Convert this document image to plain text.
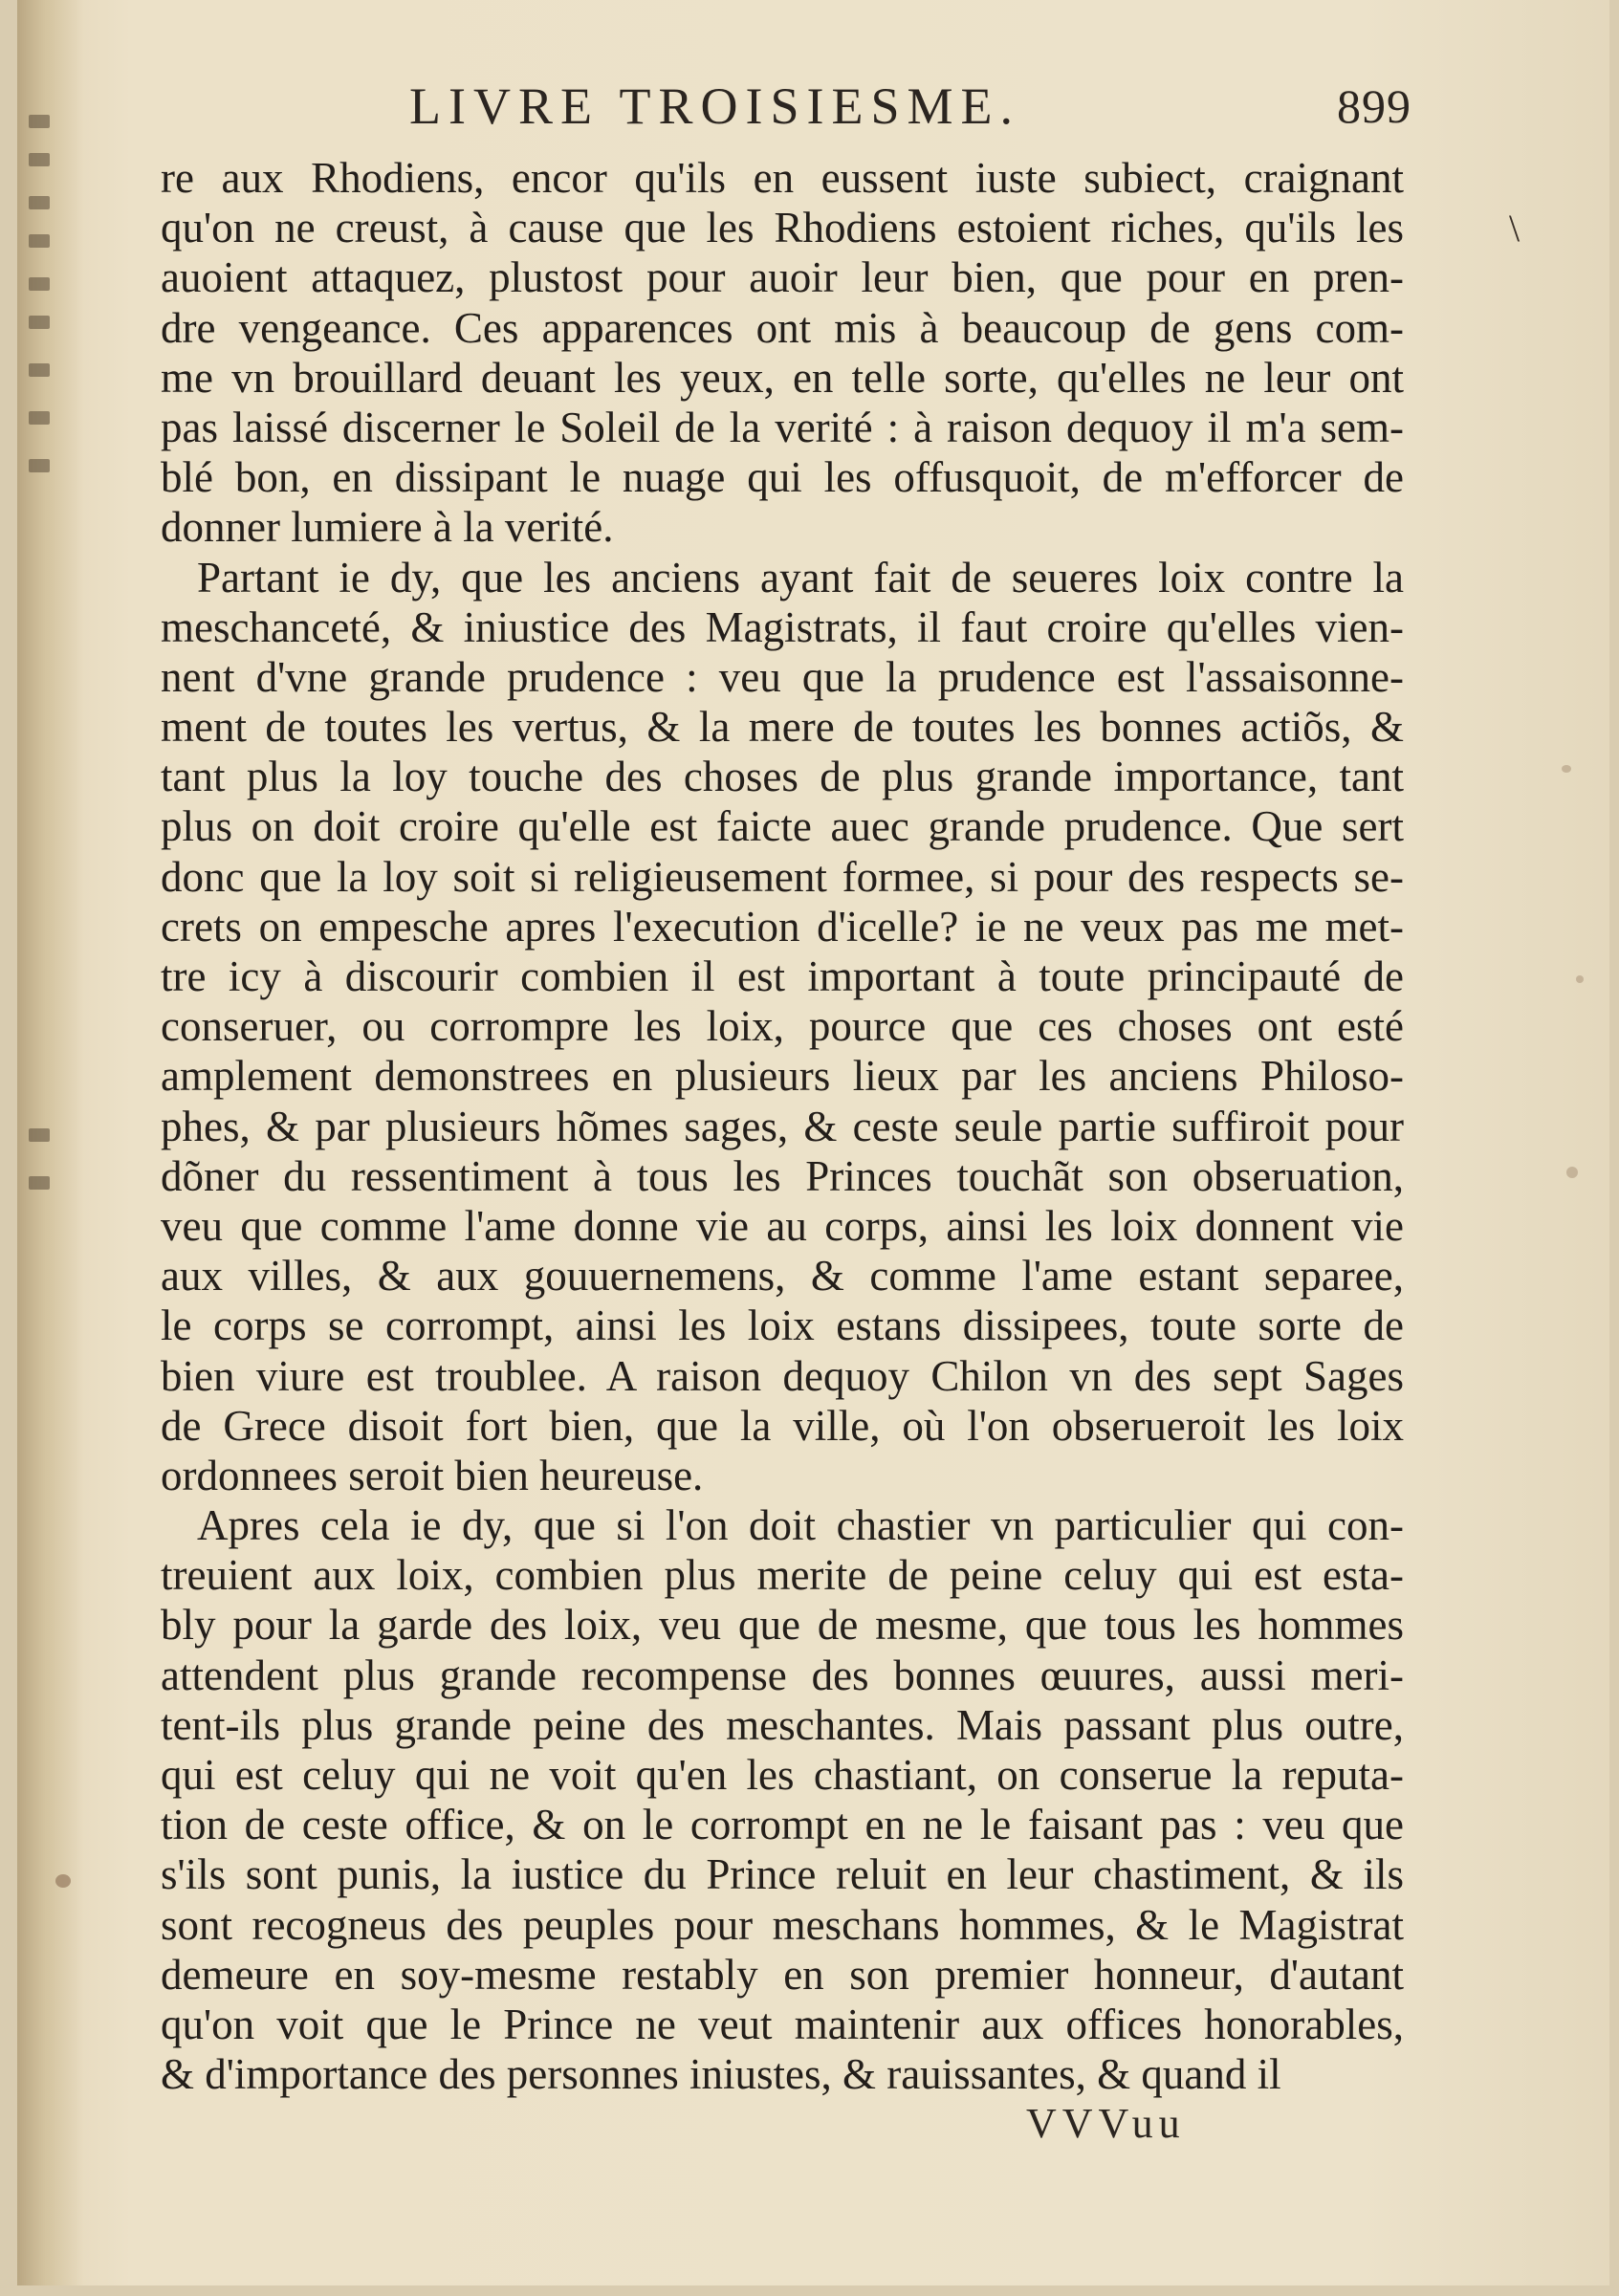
LIVRE TROISIESME.	899
re aux Rhodiens, encor qu'ils en eussent iuste subiect, craignant
qu'on ne creust, à cause que les Rhodiens estoient riches, qu'ils les
auoient attaquez, plustost pour auoir leur bien, que pour en pren-
dre vengeance. Ces apparences ont mis à beaucoup de gens com-
me vn brouillard deuant les yeux, en telle sorte, qu'elles ne leur ont
pas laissé discerner le Soleil de la verité : à raison dequoy il m'a sem-
blé bon, en dissipant le nuage qui les offusquoit, de m'efforcer de
donner lumiere à la verité.
Partant ie dy, que les anciens ayant fait de seueres loix contre la
meschanceté, & iniustice des Magistrats, il faut croire qu'elles vien-
nent d'vne grande prudence : veu que la prudence est l'assaisonne-
ment de toutes les vertus, & la mere de toutes les bonnes actiõs, &
tant plus la loy touche des choses de plus grande importance, tant
plus on doit croire qu'elle est faicte auec grande prudence. Que sert
donc que la loy soit si religieusement formee, si pour des respects se-
crets on empesche apres l'execution d'icelle? ie ne veux pas me met-
tre icy à discourir combien il est important à toute principauté de
conseruer, ou corrompre les loix, pource que ces choses ont esté
amplement demonstrees en plusieurs lieux par les anciens Philoso-
phes, & par plusieurs hõmes sages, & ceste seule partie suffiroit pour
dõner du ressentiment à tous les Princes touchãt son obseruation,
veu que comme l'ame donne vie au corps, ainsi les loix donnent vie
aux villes, & aux gouuernemens, & comme l'ame estant separee,
le corps se corrompt, ainsi les loix estans dissipees, toute sorte de
bien viure est troublee. A raison dequoy Chilon vn des sept Sages
de Grece disoit fort bien, que la ville, où l'on obserueroit les loix
ordonnees seroit bien heureuse.
Apres cela ie dy, que si l'on doit chastier vn particulier qui con-
treuient aux loix, combien plus merite de peine celuy qui est esta-
bly pour la garde des loix, veu que de mesme, que tous les hommes
attendent plus grande recompense des bonnes œuures, aussi meri-
tent-ils plus grande peine des meschantes. Mais passant plus outre,
qui est celuy qui ne voit qu'en les chastiant, on conserue la reputa-
tion de ceste office, & on le corrompt en ne le faisant pas : veu que
s'ils sont punis, la iustice du Prince reluit en leur chastiment, & ils
sont recogneus des peuples pour meschans hommes, & le Magistrat
demeure en soy-mesme restably en son premier honneur, d'autant
qu'on voit que le Prince ne veut maintenir aux offices honorables,
& d'importance des personnes iniustes, & rauissantes, & quand il
VVVuu
\
